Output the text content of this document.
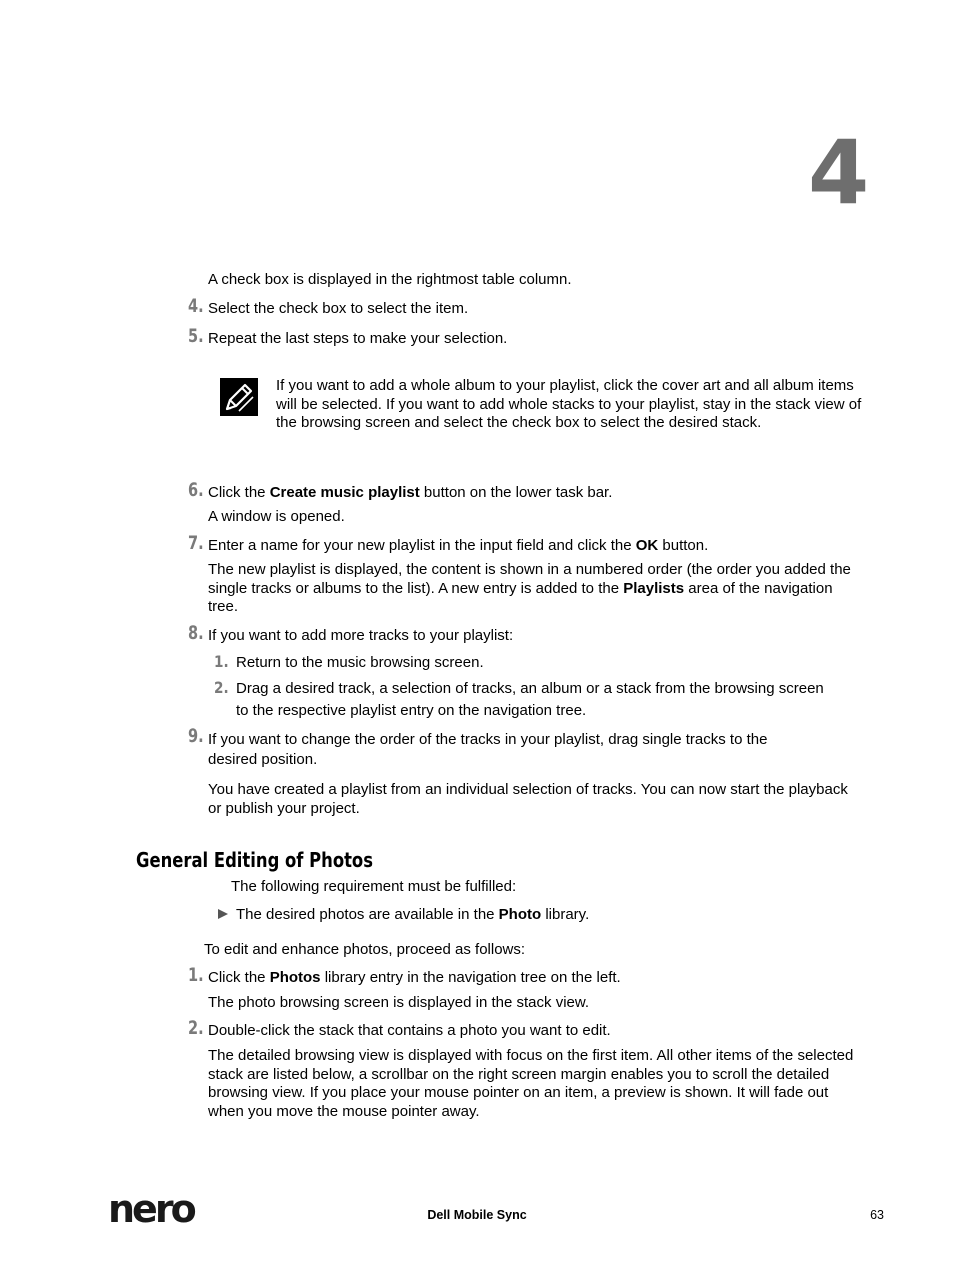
4
A check box is displayed in the rightmost table column.
4. Select the check box to select the item.
5. Repeat the last steps to make your selection.
If you want to add a whole album to your playlist, click the cover art and all album items will be selected. If you want to add whole stacks to your playlist, stay in the stack view of the browsing screen and select the check box to select the desired stack.
6. Click the Create music playlist button on the lower task bar.
A window is opened.
7. Enter a name for your new playlist in the input field and click the OK button.
The new playlist is displayed, the content is shown in a numbered order (the order you added the single tracks or albums to the list). A new entry is added to the Playlists area of the navigation tree.
8. If you want to add more tracks to your playlist:
1. Return to the music browsing screen.
2. Drag a desired track, a selection of tracks, an album or a stack from the browsing screen to the respective playlist entry on the navigation tree.
9. If you want to change the order of the tracks in your playlist, drag single tracks to the desired position.
You have created a playlist from an individual selection of tracks. You can now start the playback or publish your project.
General Editing of Photos
The following requirement must be fulfilled:
The desired photos are available in the Photo library.
To edit and enhance photos, proceed as follows:
1. Click the Photos library entry in the navigation tree on the left.
The photo browsing screen is displayed in the stack view.
2. Double-click the stack that contains a photo you want to edit.
The detailed browsing view is displayed with focus on the first item. All other items of the selected stack are listed below, a scrollbar on the right screen margin enables you to scroll the detailed browsing view. If you place your mouse pointer on an item, a preview is shown. It will fade out when you move the mouse pointer away.
nero	Dell Mobile Sync	63
